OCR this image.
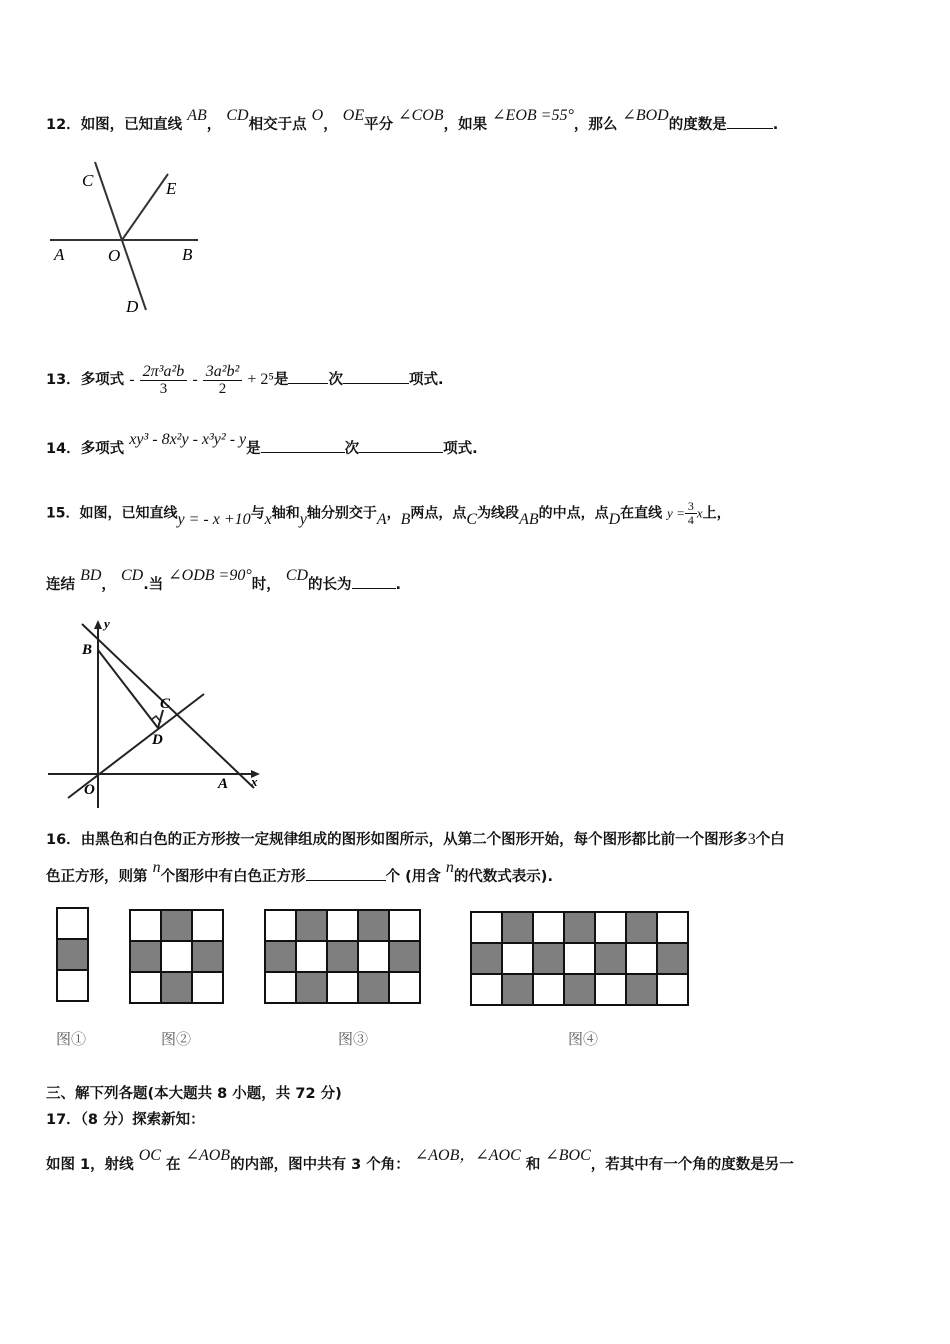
12．如图，已知直线 AB， CD相交于点 O， OE平分 ∠COB，如果 ∠EOB =55°，那么 ∠BOD的度数是	.
C	E
A	O	B
D
13．多项式 - $\frac{\text{2π³a²b}}{3} - \frac{\text{3a²b²}}{2} + 2^5$是	次	项式.
14．多项式 xy³ - 8x²y - x³y² - y是	次	项式.
15．如图，已知直线y = - x +10与x轴和y轴分别交于A，B两点，点C为线段AB的中点，点D在直线 $y = \frac{3}{4}$ x上，
连结 BD， CD.当 ∠ODB =90°时， CD的长为	.
y
B
C
D
O	A x
16．由黑色和白色的正方形按一定规律组成的图形如图所示，从第二个图形开始，每个图形都比前一个图形多3个白
色正方形，则第 n个图形中有白色正方形	个 (用含 n的代数式表示).

图①	图②	图③	图④
三、解下列各题(本大题共 8 小题，共 72 分)
17．（8 分）探索新知：
如图 1，射线 OC 在 ∠AOB的内部，图中共有 3 个角： ∠AOB，∠AOC 和 ∠BOC，若其中有一个角的度数是另一
